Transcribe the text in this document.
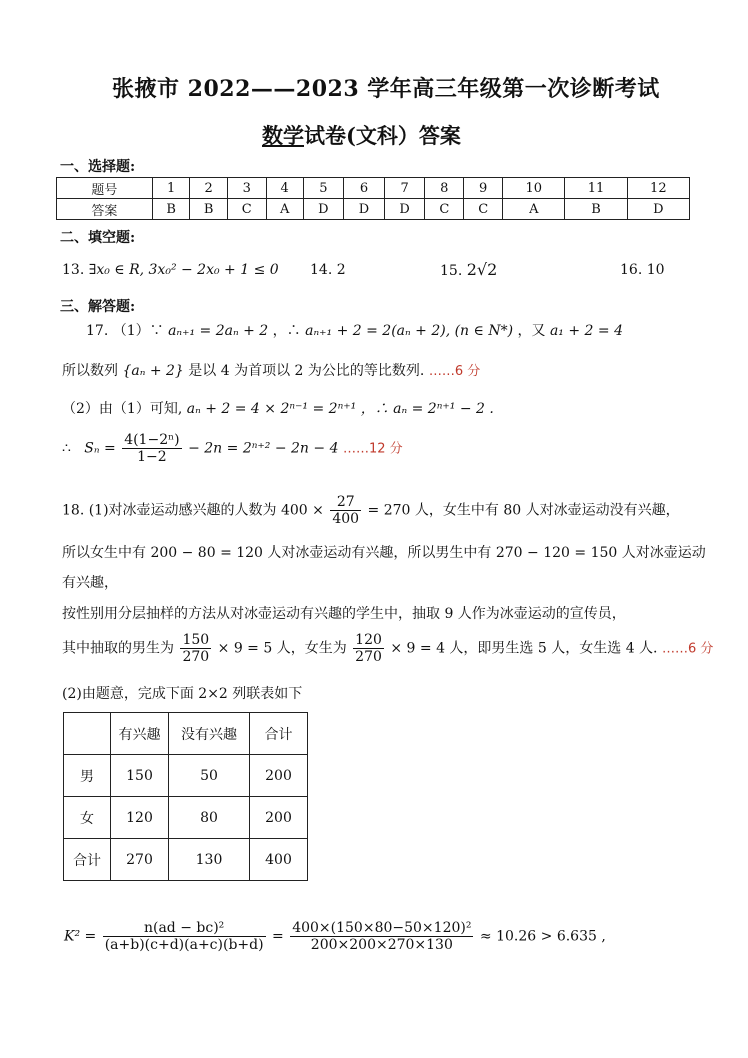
张掖市 2022——2023 学年高三年级第一次诊断考试
数学试卷(文科）答案
一、选择题:
题号	1	2	3	4	5	6	7	8	9	10	11	12
答案	B	B	C	A	D	D	D	C	C	A	B	D
二、填空题:
13. ∃x₀ ∈ R, 3x₀² − 2x₀ + 1 ≤ 0 14. 2	15. 2√2	16. 10
三、解答题:
17. （1）∵ aₙ₊₁ = 2aₙ + 2 ，∴ aₙ₊₁ + 2 = 2(aₙ + 2), (n ∈ N*) ，又 a₁ + 2 = 4
所以数列 {aₙ + 2} 是以 4 为首项以 2 为公比的等比数列. ……6 分
（2）由（1）可知, aₙ + 2 = 4 × 2ⁿ⁻¹ = 2ⁿ⁺¹ ，∴ aₙ = 2ⁿ⁺¹ − 2 .
∴ $S_n = \frac{\text{4(1−2ⁿ)}}{1-2} - 2n = 2^{n+2} - 2n - 4$ ……12 分
18. (1)对冰壶运动感兴趣的人数为 $400 \times \frac{27}{400} = 270$ 人，女生中有 80 人对冰壶运动没有兴趣，
所以女生中有 200 − 80 = 120 人对冰壶运动有兴趣，所以男生中有 270 − 120 = 150 人对冰壶运动
有兴趣，
按性别用分层抽样的方法从对冰壶运动有兴趣的学生中，抽取 9 人作为冰壶运动的宣传员，
其中抽取的男生为 $\frac{150}{270} \times 9 = 5$ 人，女生为 $\frac{120}{270} \times 9 = 4$ 人，即男生选 5 人，女生选 4 人. ……6 分
(2)由题意，完成下面 2×2 列联表如下
	有兴趣	没有兴趣	合计
男	150	50	200
女	120	80	200
合计	270	130	400
$K^2 = \frac{\text{n(ad − bc)²}}{(a+b)(c+d)(a+c)(b+d)} = \frac{\text{400×(150×80−50×120)²}}{200\times 200\times 270\times 130} \approx 10.26 > 6.635$ ,
